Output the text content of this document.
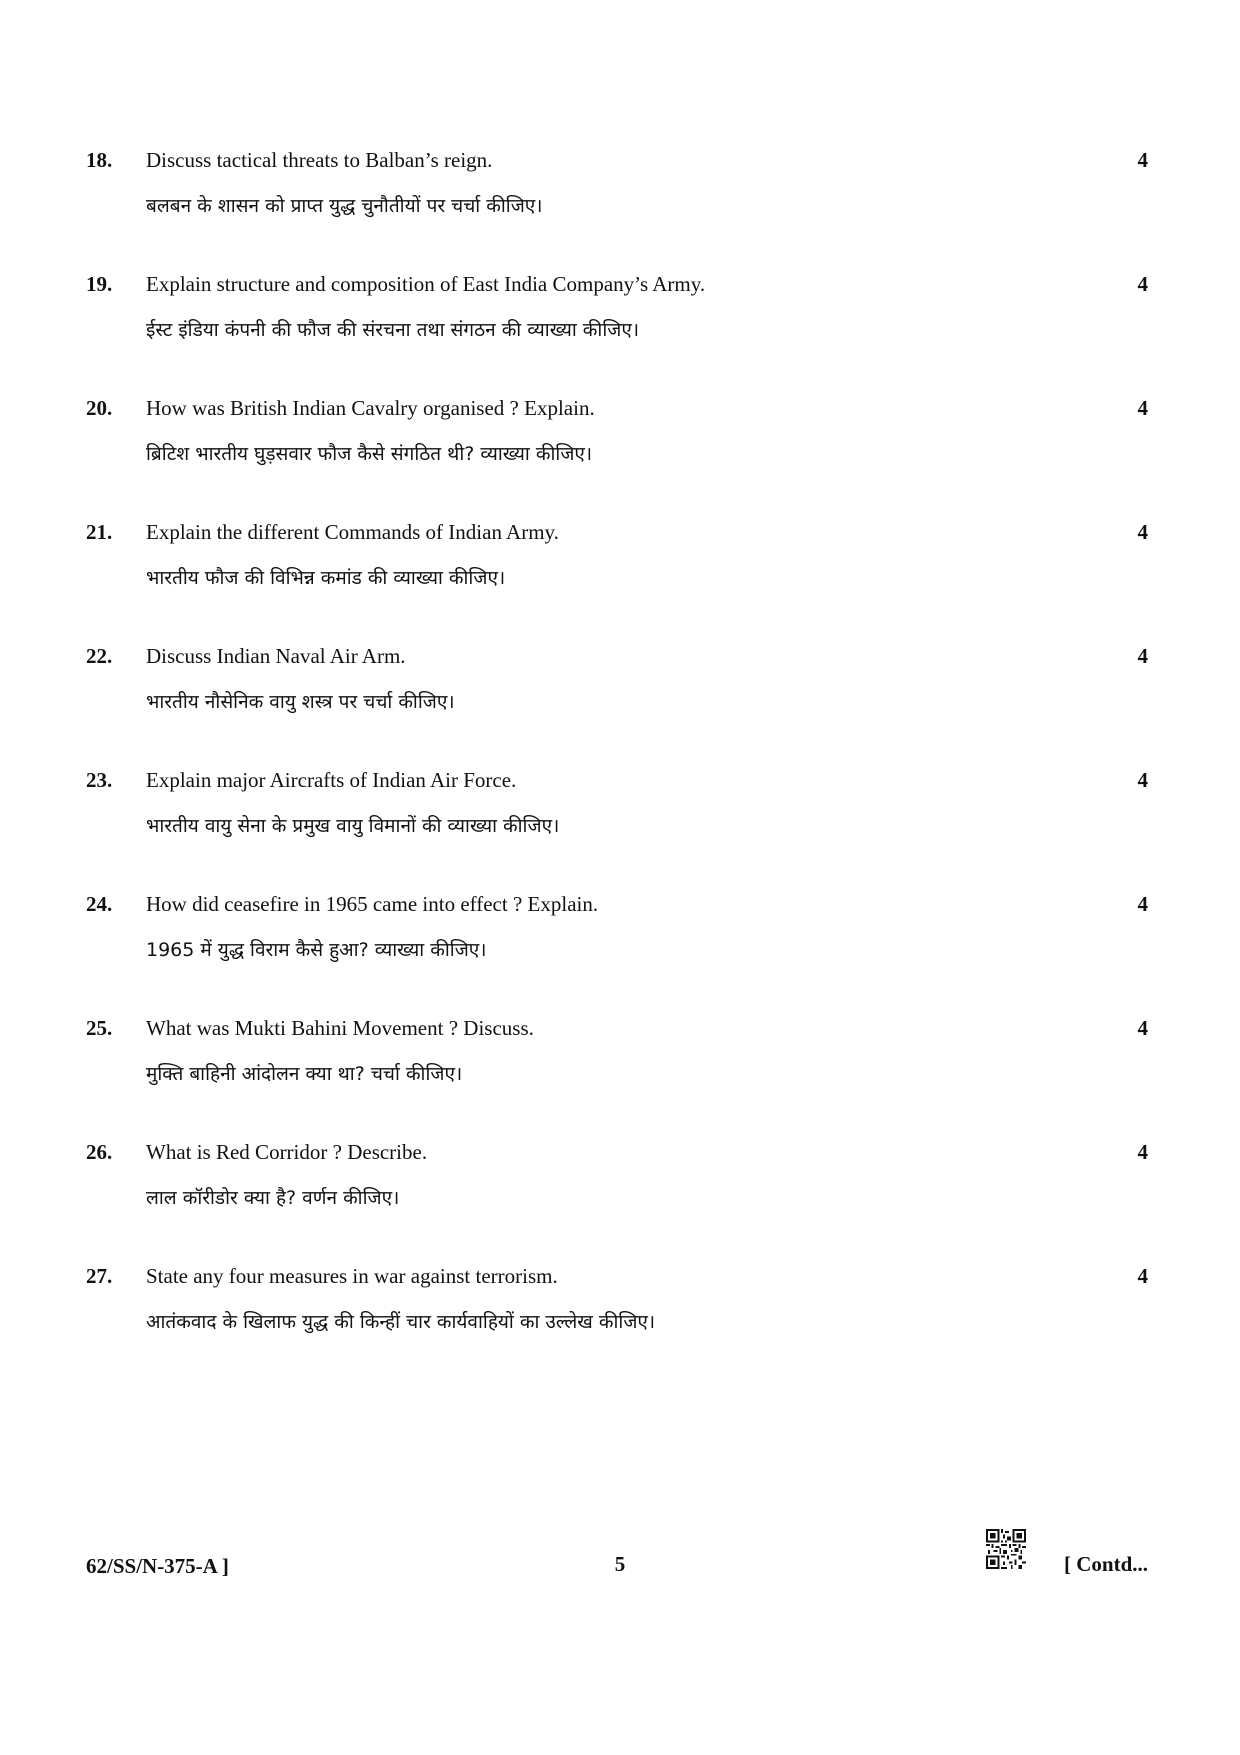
18. Discuss tactical threats to Balban’s reign.
बलबन के शासन को प्राप्त युद्ध चुनौतीयों पर चर्चा कीजिए।
4
19. Explain structure and composition of East India Company’s Army.
ईस्ट इंडिया कंपनी की फौज की संरचना तथा संगठन की व्याख्या कीजिए।
4
20. How was British Indian Cavalry organised ? Explain.
ब्रिटिश भारतीय घुड़सवार फौज कैसे संगठित थी? व्याख्या कीजिए।
4
21. Explain the different Commands of Indian Army.
भारतीय फौज की विभिन्न कमांड की व्याख्या कीजिए।
4
22. Discuss Indian Naval Air Arm.
भारतीय नौसेनिक वायु शस्त्र पर चर्चा कीजिए।
4
23. Explain major Aircrafts of Indian Air Force.
भारतीय वायु सेना के प्रमुख वायु विमानों की व्याख्या कीजिए।
4
24. How did ceasefire in 1965 came into effect ? Explain.
1965 में युद्ध विराम कैसे हुआ? व्याख्या कीजिए।
4
25. What was Mukti Bahini Movement ? Discuss.
मुक्ति बाहिनी आंदोलन क्या था? चर्चा कीजिए।
4
26. What is Red Corridor ? Describe.
लाल कॉरीडोर क्या है? वर्णन कीजिए।
4
27. State any four measures in war against terrorism.
आतंकवाद के खिलाफ युद्ध की किन्हीं चार कार्यवाहियों का उल्लेख कीजिए।
4
62/SS/N-375-A ]	5	[ Contd...
